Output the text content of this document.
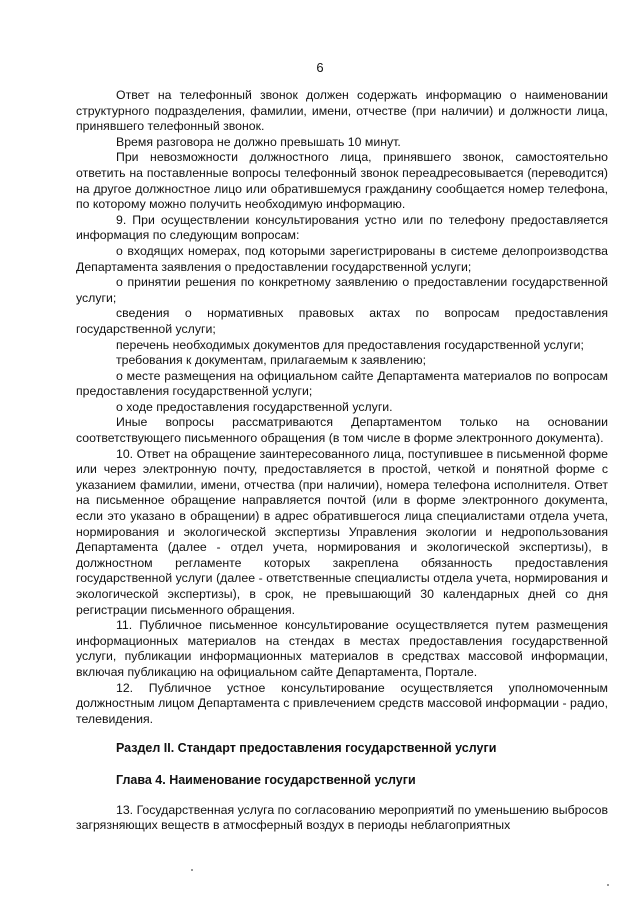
6

Ответ на телефонный звонок должен содержать информацию о наименовании структурного подразделения, фамилии, имени, отчестве (при наличии) и должности лица, принявшего телефонный звонок.

Время разговора не должно превышать 10 минут.

При невозможности должностного лица, принявшего звонок, самостоятельно ответить на поставленные вопросы телефонный звонок переадресовывается (переводится) на другое должностное лицо или обратившемуся гражданину сообщается номер телефона, по которому можно получить необходимую информацию.

9. При осуществлении консультирования устно или по телефону предоставляется информация по следующим вопросам:

о входящих номерах, под которыми зарегистрированы в системе делопроизводства Департамента заявления о предоставлении государственной услуги;

о принятии решения по конкретному заявлению о предоставлении государственной услуги;

сведения о нормативных правовых актах по вопросам предоставления государственной услуги;

перечень необходимых документов для предоставления государственной услуги;

требования к документам, прилагаемым к заявлению;

о месте размещения на официальном сайте Департамента материалов по вопросам предоставления государственной услуги;

о ходе предоставления государственной услуги.

Иные вопросы рассматриваются Департаментом только на основании соответствующего письменного обращения (в том числе в форме электронного документа).

10. Ответ на обращение заинтересованного лица, поступившее в письменной форме или через электронную почту, предоставляется в простой, четкой и понятной форме с указанием фамилии, имени, отчества (при наличии), номера телефона исполнителя. Ответ на письменное обращение направляется почтой (или в форме электронного документа, если это указано в обращении) в адрес обратившегося лица специалистами отдела учета, нормирования и экологической экспертизы Управления экологии и недропользования Департамента (далее - отдел учета, нормирования и экологической экспертизы), в должностном регламенте которых закреплена обязанность предоставления государственной услуги (далее - ответственные специалисты отдела учета, нормирования и экологической экспертизы), в срок, не превышающий 30 календарных дней со дня регистрации письменного обращения.

11. Публичное письменное консультирование осуществляется путем размещения информационных материалов на стендах в местах предоставления государственной услуги, публикации информационных материалов в средствах массовой информации, включая публикацию на официальном сайте Департамента, Портале.

12. Публичное устное консультирование осуществляется уполномоченным должностным лицом Департамента с привлечением средств массовой информации - радио, телевидения.

Раздел II. Стандарт предоставления государственной услуги

Глава 4. Наименование государственной услуги

13. Государственная услуга по согласованию мероприятий по уменьшению выбросов загрязняющих веществ в атмосферный воздух в периоды неблагоприятных
